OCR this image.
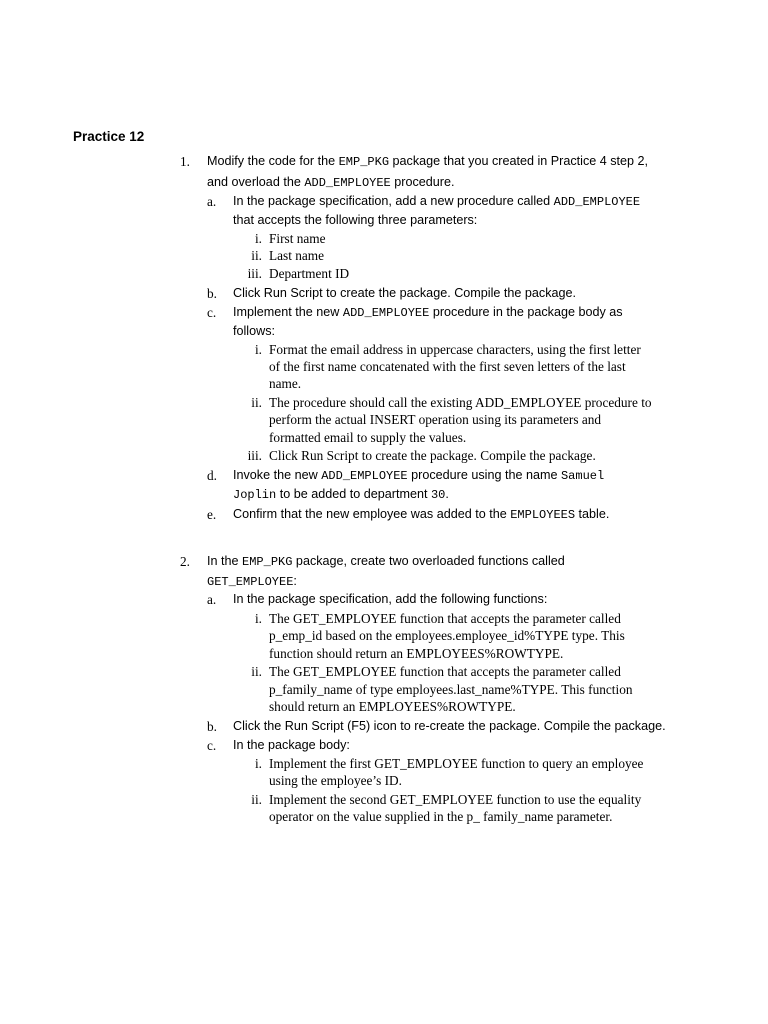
Practice 12
1. Modify the code for the EMP_PKG package that you created in Practice 4 step 2,
and overload the ADD_EMPLOYEE procedure.
a. In the package specification, add a new procedure called ADD_EMPLOYEE
that accepts the following three parameters:
i. First name
ii. Last name
iii. Department ID
b. Click Run Script to create the package. Compile the package.
c. Implement the new ADD_EMPLOYEE procedure in the package body as
follows:
i. Format the email address in uppercase characters, using the first letter
of the first name concatenated with the first seven letters of the last
name.
ii. The procedure should call the existing ADD_EMPLOYEE procedure to
perform the actual INSERT operation using its parameters and
formatted email to supply the values.
iii. Click Run Script to create the package. Compile the package.
d. Invoke the new ADD_EMPLOYEE procedure using the name Samuel
Joplin to be added to department 30.
e. Confirm that the new employee was added to the EMPLOYEES table.
2. In the EMP_PKG package, create two overloaded functions called
GET_EMPLOYEE:
a. In the package specification, add the following functions:
i. The GET_EMPLOYEE function that accepts the parameter called
p_emp_id based on the employees.employee_id%TYPE type. This
function should return an EMPLOYEES%ROWTYPE.
ii. The GET_EMPLOYEE function that accepts the parameter called
p_family_name of type employees.last_name%TYPE. This function
should return an EMPLOYEES%ROWTYPE.
b. Click the Run Script (F5) icon to re-create the package. Compile the package.
c. In the package body:
i. Implement the first GET_EMPLOYEE function to query an employee
using the employee’s ID.
ii. Implement the second GET_EMPLOYEE function to use the equality
operator on the value supplied in the p_ family_name parameter.
